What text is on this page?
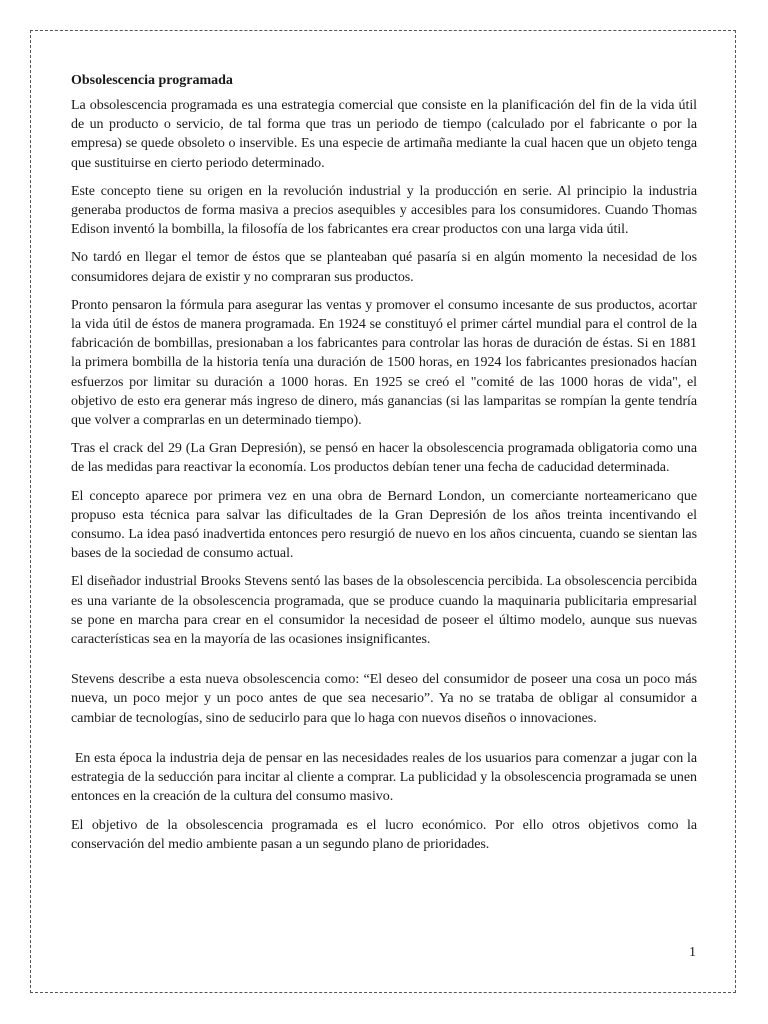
Obsolescencia programada

La obsolescencia programada es una estrategia comercial que consiste en la planificación del fin de la vida útil de un producto o servicio, de tal forma que tras un periodo de tiempo (calculado por el fabricante o por la empresa) se quede obsoleto o inservible. Es una especie de artimaña mediante la cual hacen que un objeto tenga que sustituirse en cierto periodo determinado.

Este concepto tiene su origen en la revolución industrial y la producción en serie. Al principio la industria generaba productos de forma masiva a precios asequibles y accesibles para los consumidores. Cuando Thomas Edison inventó la bombilla, la filosofía de los fabricantes era crear productos con una larga vida útil.

No tardó en llegar el temor de éstos que se planteaban qué pasaría si en algún momento la necesidad de los consumidores dejara de existir y no compraran sus productos.

Pronto pensaron la fórmula para asegurar las ventas y promover el consumo incesante de sus productos, acortar la vida útil de éstos de manera programada. En 1924 se constituyó el primer cártel mundial para el control de la fabricación de bombillas, presionaban a los fabricantes para controlar las horas de duración de éstas. Si en 1881 la primera bombilla de la historia tenía una duración de 1500 horas, en 1924 los fabricantes presionados hacían esfuerzos por limitar su duración a 1000 horas. En 1925 se creó el "comité de las 1000 horas de vida", el objetivo de esto era generar más ingreso de dinero, más ganancias (si las lamparitas se rompían la gente tendría que volver a comprarlas en un determinado tiempo).

Tras el crack del 29 (La Gran Depresión), se pensó en hacer la obsolescencia programada obligatoria como una de las medidas para reactivar la economía. Los productos debían tener una fecha de caducidad determinada.

El concepto aparece por primera vez en una obra de Bernard London, un comerciante norteamericano que propuso esta técnica para salvar las dificultades de la Gran Depresión de los años treinta incentivando el consumo. La idea pasó inadvertida entonces pero resurgió de nuevo en los años cincuenta, cuando se sientan las bases de la sociedad de consumo actual.

El diseñador industrial Brooks Stevens sentó las bases de la obsolescencia percibida. La obsolescencia percibida es una variante de la obsolescencia programada, que se produce cuando la maquinaria publicitaria empresarial se pone en marcha para crear en el consumidor la necesidad de poseer el último modelo, aunque sus nuevas características sea en la mayoría de las ocasiones insignificantes.

Stevens describe a esta nueva obsolescencia como: “El deseo del consumidor de poseer una cosa un poco más nueva, un poco mejor y un poco antes de que sea necesario”. Ya no se trataba de obligar al consumidor a cambiar de tecnologías, sino de seducirlo para que lo haga con nuevos diseños o innovaciones.

En esta época la industria deja de pensar en las necesidades reales de los usuarios para comenzar a jugar con la estrategia de la seducción para incitar al cliente a comprar. La publicidad y la obsolescencia programada se unen entonces en la creación de la cultura del consumo masivo.

El objetivo de la obsolescencia programada es el lucro económico. Por ello otros objetivos como la conservación del medio ambiente pasan a un segundo plano de prioridades.

1
